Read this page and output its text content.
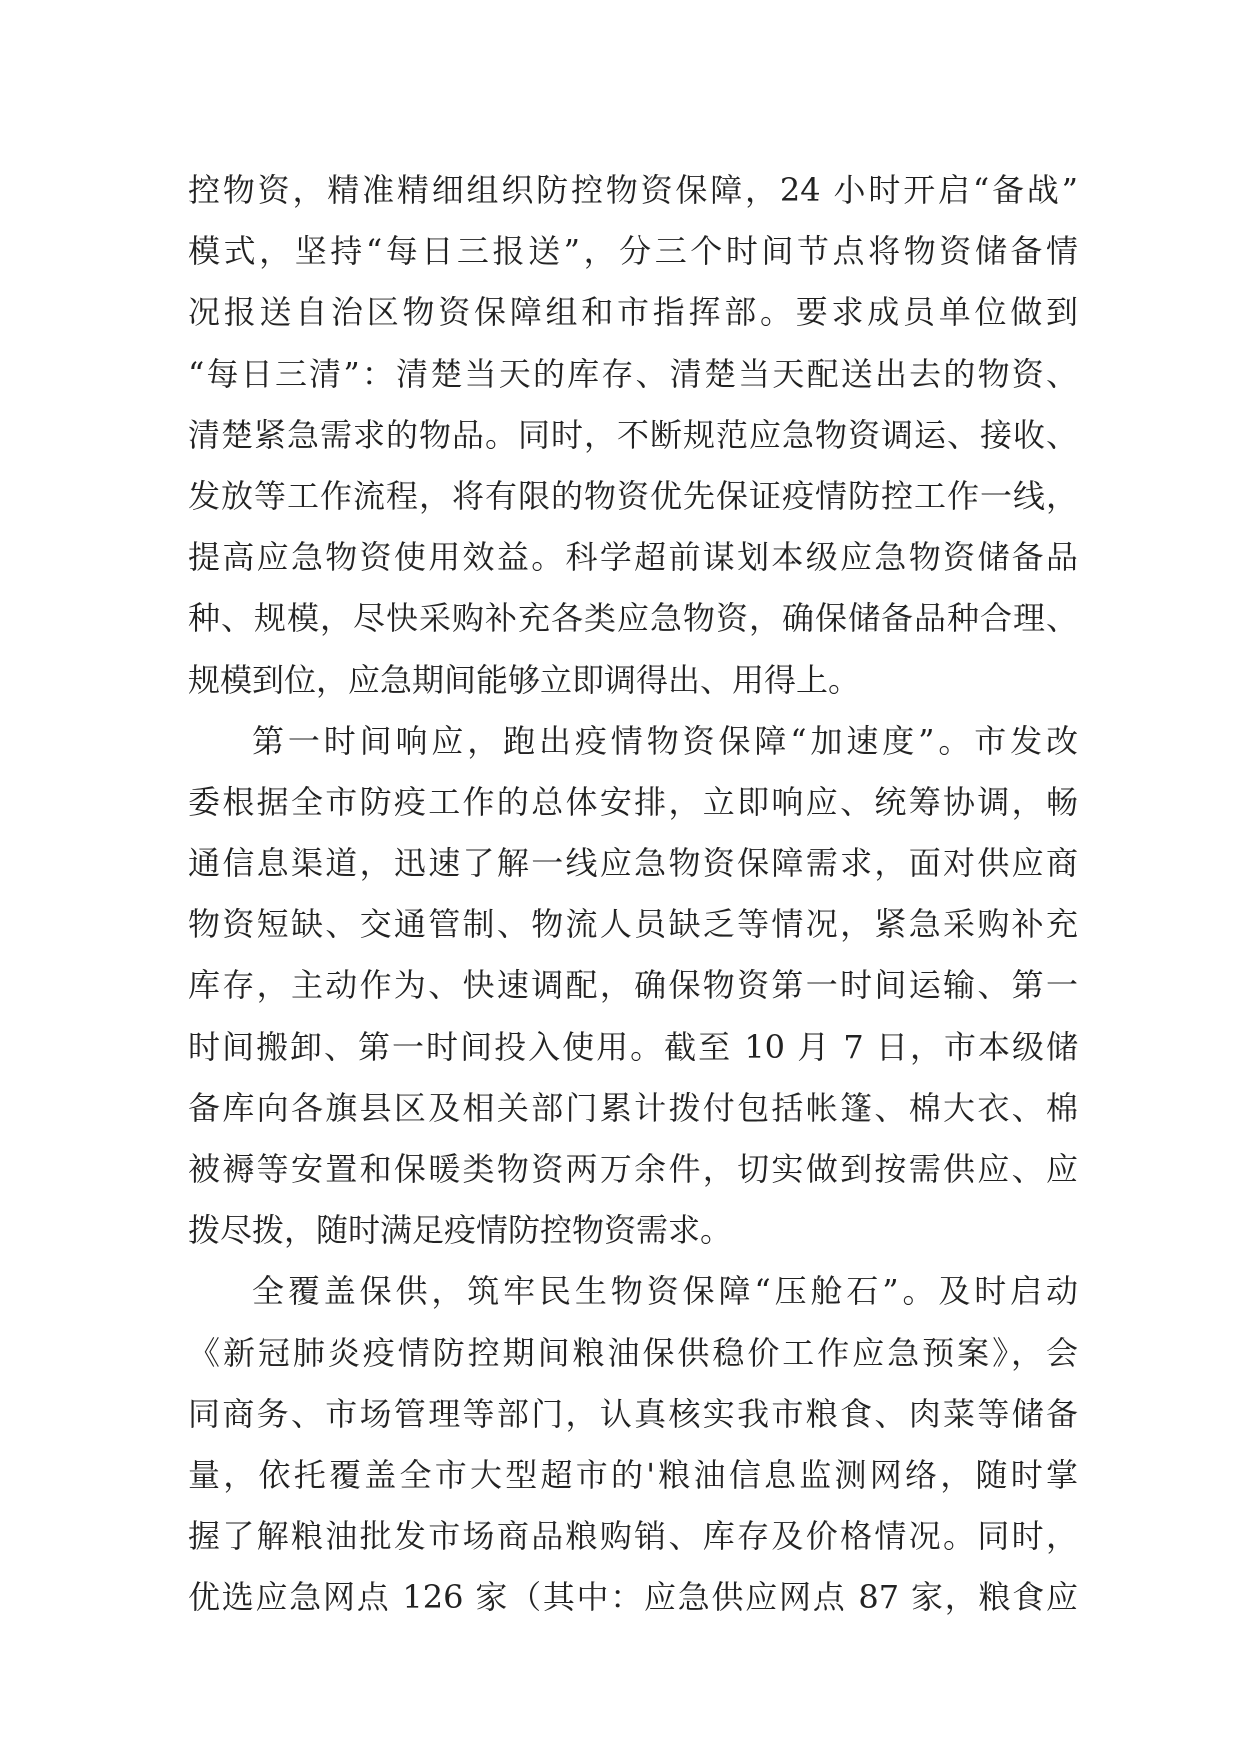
控物资，精准精细组织防控物资保障，24 小时开启“备战”
模式，坚持“每日三报送”，分三个时间节点将物资储备情
况报送自治区物资保障组和市指挥部。要求成员单位做到
“每日三清”：清楚当天的库存、清楚当天配送出去的物资、
清楚紧急需求的物品。同时，不断规范应急物资调运、接收、
发放等工作流程，将有限的物资优先保证疫情防控工作一线，
提高应急物资使用效益。科学超前谋划本级应急物资储备品
种、规模，尽快采购补充各类应急物资，确保储备品种合理、
规模到位，应急期间能够立即调得出、用得上。
第一时间响应，跑出疫情物资保障“加速度”。市发改
委根据全市防疫工作的总体安排，立即响应、统筹协调，畅
通信息渠道，迅速了解一线应急物资保障需求，面对供应商
物资短缺、交通管制、物流人员缺乏等情况，紧急采购补充
库存，主动作为、快速调配，确保物资第一时间运输、第一
时间搬卸、第一时间投入使用。截至 10 月 7 日，市本级储
备库向各旗县区及相关部门累计拨付包括帐篷、棉大衣、棉
被褥等安置和保暖类物资两万余件，切实做到按需供应、应
拨尽拨，随时满足疫情防控物资需求。
全覆盖保供，筑牢民生物资保障“压舱石”。及时启动
《新冠肺炎疫情防控期间粮油保供稳价工作应急预案》，会
同商务、市场管理等部门，认真核实我市粮食、肉菜等储备
量，依托覆盖全市大型超市的'粮油信息监测网络，随时掌
握了解粮油批发市场商品粮购销、库存及价格情况。同时，
优选应急网点 126 家（其中：应急供应网点 87 家，粮食应
